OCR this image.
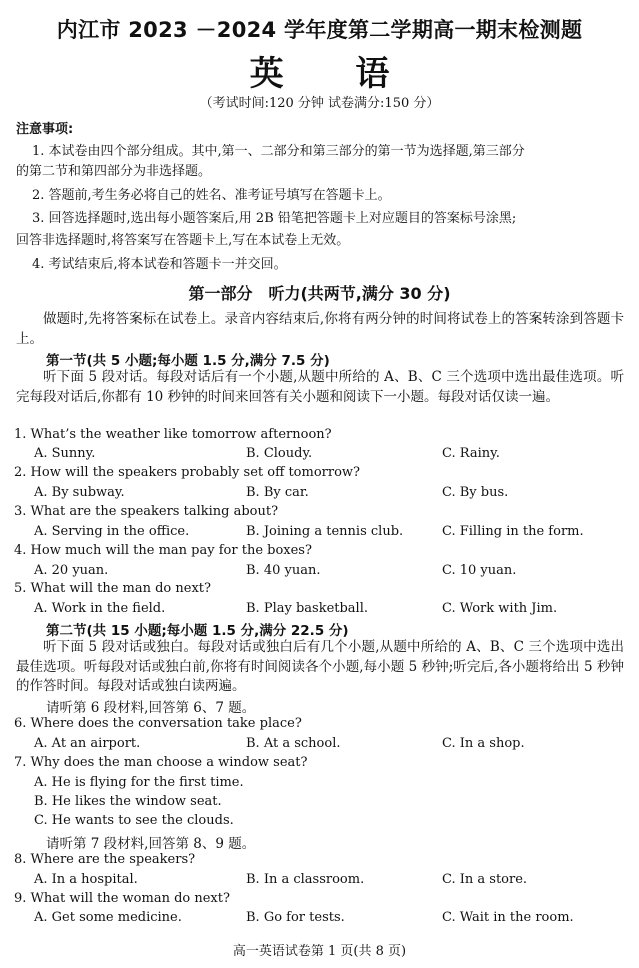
内江市 2023 －2024 学年度第二学期高一期末检测题
英 语
（考试时间:120 分钟 试卷满分:150 分）
注意事项:
1. 本试卷由四个部分组成。其中,第一、二部分和第三部分的第一节为选择题,第三部分
的第二节和第四部分为非选择题。
2. 答题前,考生务必将自己的姓名、准考证号填写在答题卡上。
3. 回答选择题时,选出每小题答案后,用 2B 铅笔把答题卡上对应题目的答案标号涂黑;
回答非选择题时,将答案写在答题卡上,写在本试卷上无效。
4. 考试结束后,将本试卷和答题卡一并交回。
第一部分　听力(共两节,满分 30 分)
做题时,先将答案标在试卷上。录音内容结束后,你将有两分钟的时间将试卷上的答案转涂到答题卡上。
第一节(共 5 小题;每小题 1.5 分,满分 7.5 分)
听下面 5 段对话。每段对话后有一个小题,从题中所给的 A、B、C 三个选项中选出最佳选项。听完每段对话后,你都有 10 秒钟的时间来回答有关小题和阅读下一小题。每段对话仅读一遍。
1. What’s the weather like tomorrow afternoon?
A. Sunny.	B. Cloudy.	C. Rainy.
2. How will the speakers probably set off tomorrow?
A. By subway.	B. By car.	C. By bus.
3. What are the speakers talking about?
A. Serving in the office.	B. Joining a tennis club.	C. Filling in the form.
4. How much will the man pay for the boxes?
A. 20 yuan.	B. 40 yuan.	C. 10 yuan.
5. What will the man do next?
A. Work in the field.	B. Play basketball.	C. Work with Jim.
第二节(共 15 小题;每小题 1.5 分,满分 22.5 分)
听下面 5 段对话或独白。每段对话或独白后有几个小题,从题中所给的 A、B、C 三个选项中选出最佳选项。听每段对话或独白前,你将有时间阅读各个小题,每小题 5 秒钟;听完后,各小题将给出 5 秒钟的作答时间。每段对话或独白读两遍。
请听第 6 段材料,回答第 6、7 题。
6. Where does the conversation take place?
A. At an airport.	B. At a school.	C. In a shop.
7. Why does the man choose a window seat?
A. He is flying for the first time.
B. He likes the window seat.
C. He wants to see the clouds.
请听第 7 段材料,回答第 8、9 题。
8. Where are the speakers?
A. In a hospital.	B. In a classroom.	C. In a store.
9. What will the woman do next?
A. Get some medicine.	B. Go for tests.	C. Wait in the room.
高一英语试卷第 1 页(共 8 页)
